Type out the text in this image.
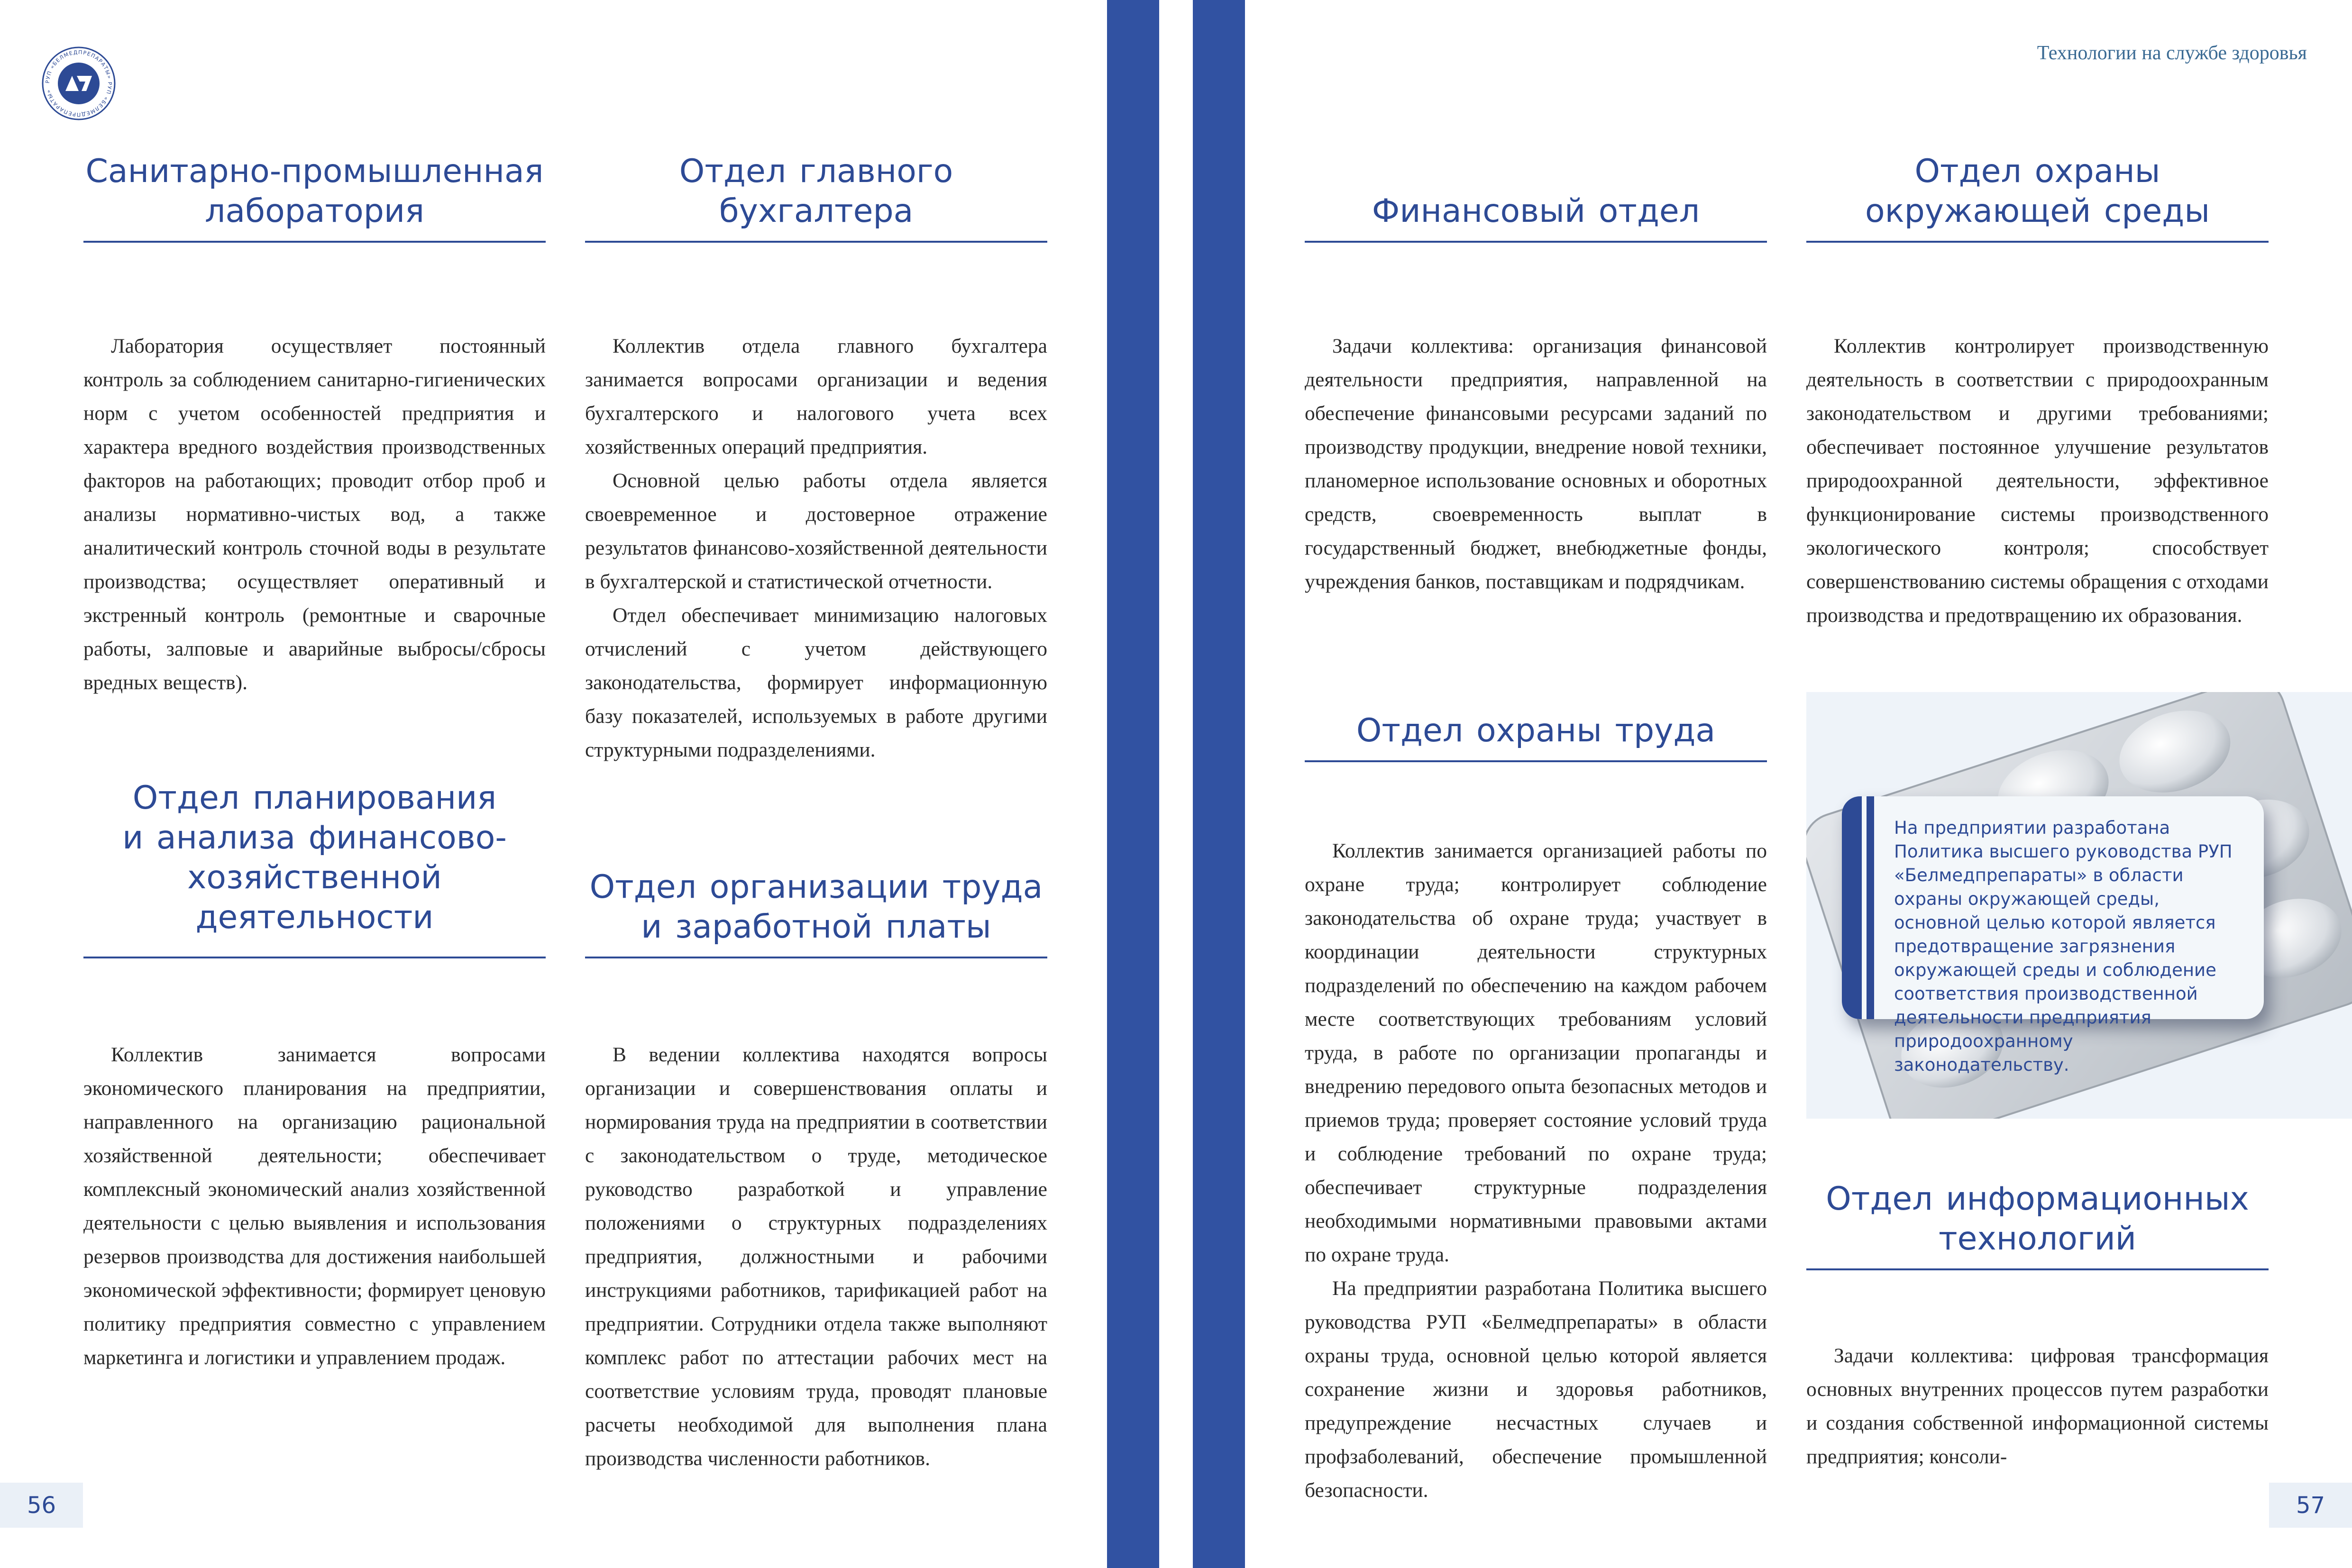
РУП «БЕЛМЕДПРЕПАРАТЫ» РУП «БЕЛМЕДПРЕПАРАТЫ»
Санитарно-промышленная
лаборатория

Лаборатория осуществляет постоянный контроль за соблюдением санитарно-гигиенических норм с учетом особенностей предприятия и характера вредного воздействия производственных факторов на работающих; проводит отбор проб и анализы нормативно-чистых вод, а также аналитический контроль сточной воды в результате производства; осуществляет оперативный и экстренный контроль (ремонтные и сварочные работы, залповые и аварийные выбросы/сбросы вредных веществ).

Отдел планирования
и анализа финансово-
хозяйственной
деятельности

Коллектив занимается вопросами экономического планирования на предприятии, направленного на организацию рациональной хозяйственной деятельности; обеспечивает комплексный экономический анализ хозяйственной деятельности с целью выявления и использования резервов производства для достижения наибольшей экономической эффективности; формирует ценовую политику предприятия совместно с управлением маркетинга и логистики и управлением продаж.

Отдел главного
бухгалтера

Коллектив отдела главного бухгалтера занимается вопросами организации и ведения бухгалтерского и налогового учета всех хозяйственных операций предприятия.

Основной целью работы отдела является своевременное и достоверное отражение результатов финансово-хозяйственной деятельности в бухгалтерской и статистической отчетности.

Отдел обеспечивает минимизацию налоговых отчислений с учетом действующего законодательства, формирует информационную базу показателей, используемых в работе другими структурными подразделениями.

Отдел организации труда
и заработной платы

В ведении коллектива находятся вопросы организации и совершенствования оплаты и нормирования труда на предприятии в соответствии с законодательством о труде, методическое руководство разработкой и управление положениями о структурных подразделениях предприятия, должностными и рабочими инструкциями работников, тарификацией работ на предприятии. Сотрудники отдела также выполняют комплекс работ по аттестации рабочих мест на соответствие условиям труда, проводят плановые расчеты необходимой для выполнения плана производства численности работников.

56
Технологии на службе здоровья
Финансовый отдел

Задачи коллектива: организация финансовой деятельности предприятия, направленной на обеспечение финансовыми ресурсами заданий по производству продукции, внедрение новой техники, планомерное использование основных и оборотных средств, своевременность выплат в государственный бюджет, внебюджетные фонды, учреждения банков, поставщикам и подрядчикам.

Отдел охраны труда

Коллектив занимается организацией работы по охране труда; контролирует соблюдение законодательства об охране труда; участвует в координации деятельности структурных подразделений по обеспечению на каждом рабочем месте соответствующих требованиям условий труда, в работе по организации пропаганды и внедрению передового опыта безопасных методов и приемов труда; проверяет состояние условий труда и соблюдение требований по охране труда; обеспечивает структурные подразделения необходимыми нормативными правовыми актами по охране труда.

На предприятии разработана Политика высшего руководства РУП «Белмедпрепараты» в области охраны труда, основной целью которой является сохранение жизни и здоровья работников, предупреждение несчастных случаев и профзаболеваний, обеспечение промышленной безопасности.

Отдел охраны
окружающей среды

Коллектив контролирует производственную деятельность в соответствии с природоохранным законодательством и другими требованиями; обеспечивает постоянное улучшение результатов природоохранной деятельности, эффективное функционирование системы производственного экологического контроля; способствует совершенствованию системы обращения с отходами производства и предотвращению их образования.

Отдел информационных
технологий

Задачи коллектива: цифровая трансформация основных внутренних процессов путем разработки и создания собственной информационной системы предприятия; консоли-

На предприятии разработана Политика высшего руководства РУП «Белмедпрепараты» в области охраны окружающей среды, основной целью которой является предотвращение загрязнения окружающей среды и соблюдение соответствия производственной деятельности предприятия природоохранному законодательству.
57
